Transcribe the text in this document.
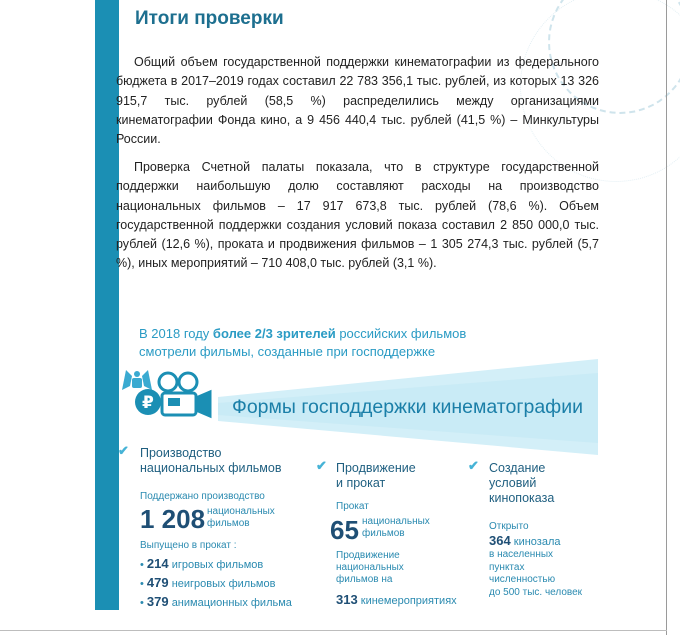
Итоги проверки

Общий объем государственной поддержки кинематографии из федерального бюджета в 2017–2019 годах составил 22 783 356,1 тыс. рублей, из которых 13 326 915,7 тыс. рублей (58,5 %) распределились между организациями кинематографии Фонда кино, а 9 456 440,4 тыс. рублей (41,5 %) – Минкультуры России.

Проверка Счетной палаты показала, что в структуре государственной поддержки наибольшую долю составляют расходы на производство национальных фильмов – 17 917 673,8 тыс. рублей (78,6 %). Объем государственной поддержки создания условий показа составил 2 850 000,0 тыс. рублей (12,6 %), проката и продвижения фильмов – 1 305 274,3 тыс. рублей (5,7 %), иных мероприятий – 710 408,0 тыс. рублей (3,1 %).

В 2018 году более 2/3 зрителей российских фильмов
смотрели фильмы, созданные при господдержке
₽	Формы господдержки кинематографии
✔ Производство
национальных фильмов
Поддержано производство
1 208 национальных
фильмов
Выпущено в прокат :
• 214 игровых фильмов
• 479 неигровых фильмов
• 379 анимационных фильма
✔ Продвижение
и прокат
Прокат
65 национальных
фильмов
Продвижение
национальных
фильмов на
313 кинемероприятиях
✔ Создание
условий
кинопоказа
Открыто
364 кинозала
в населенных
пунктах
численностью
до 500 тыс. человек
